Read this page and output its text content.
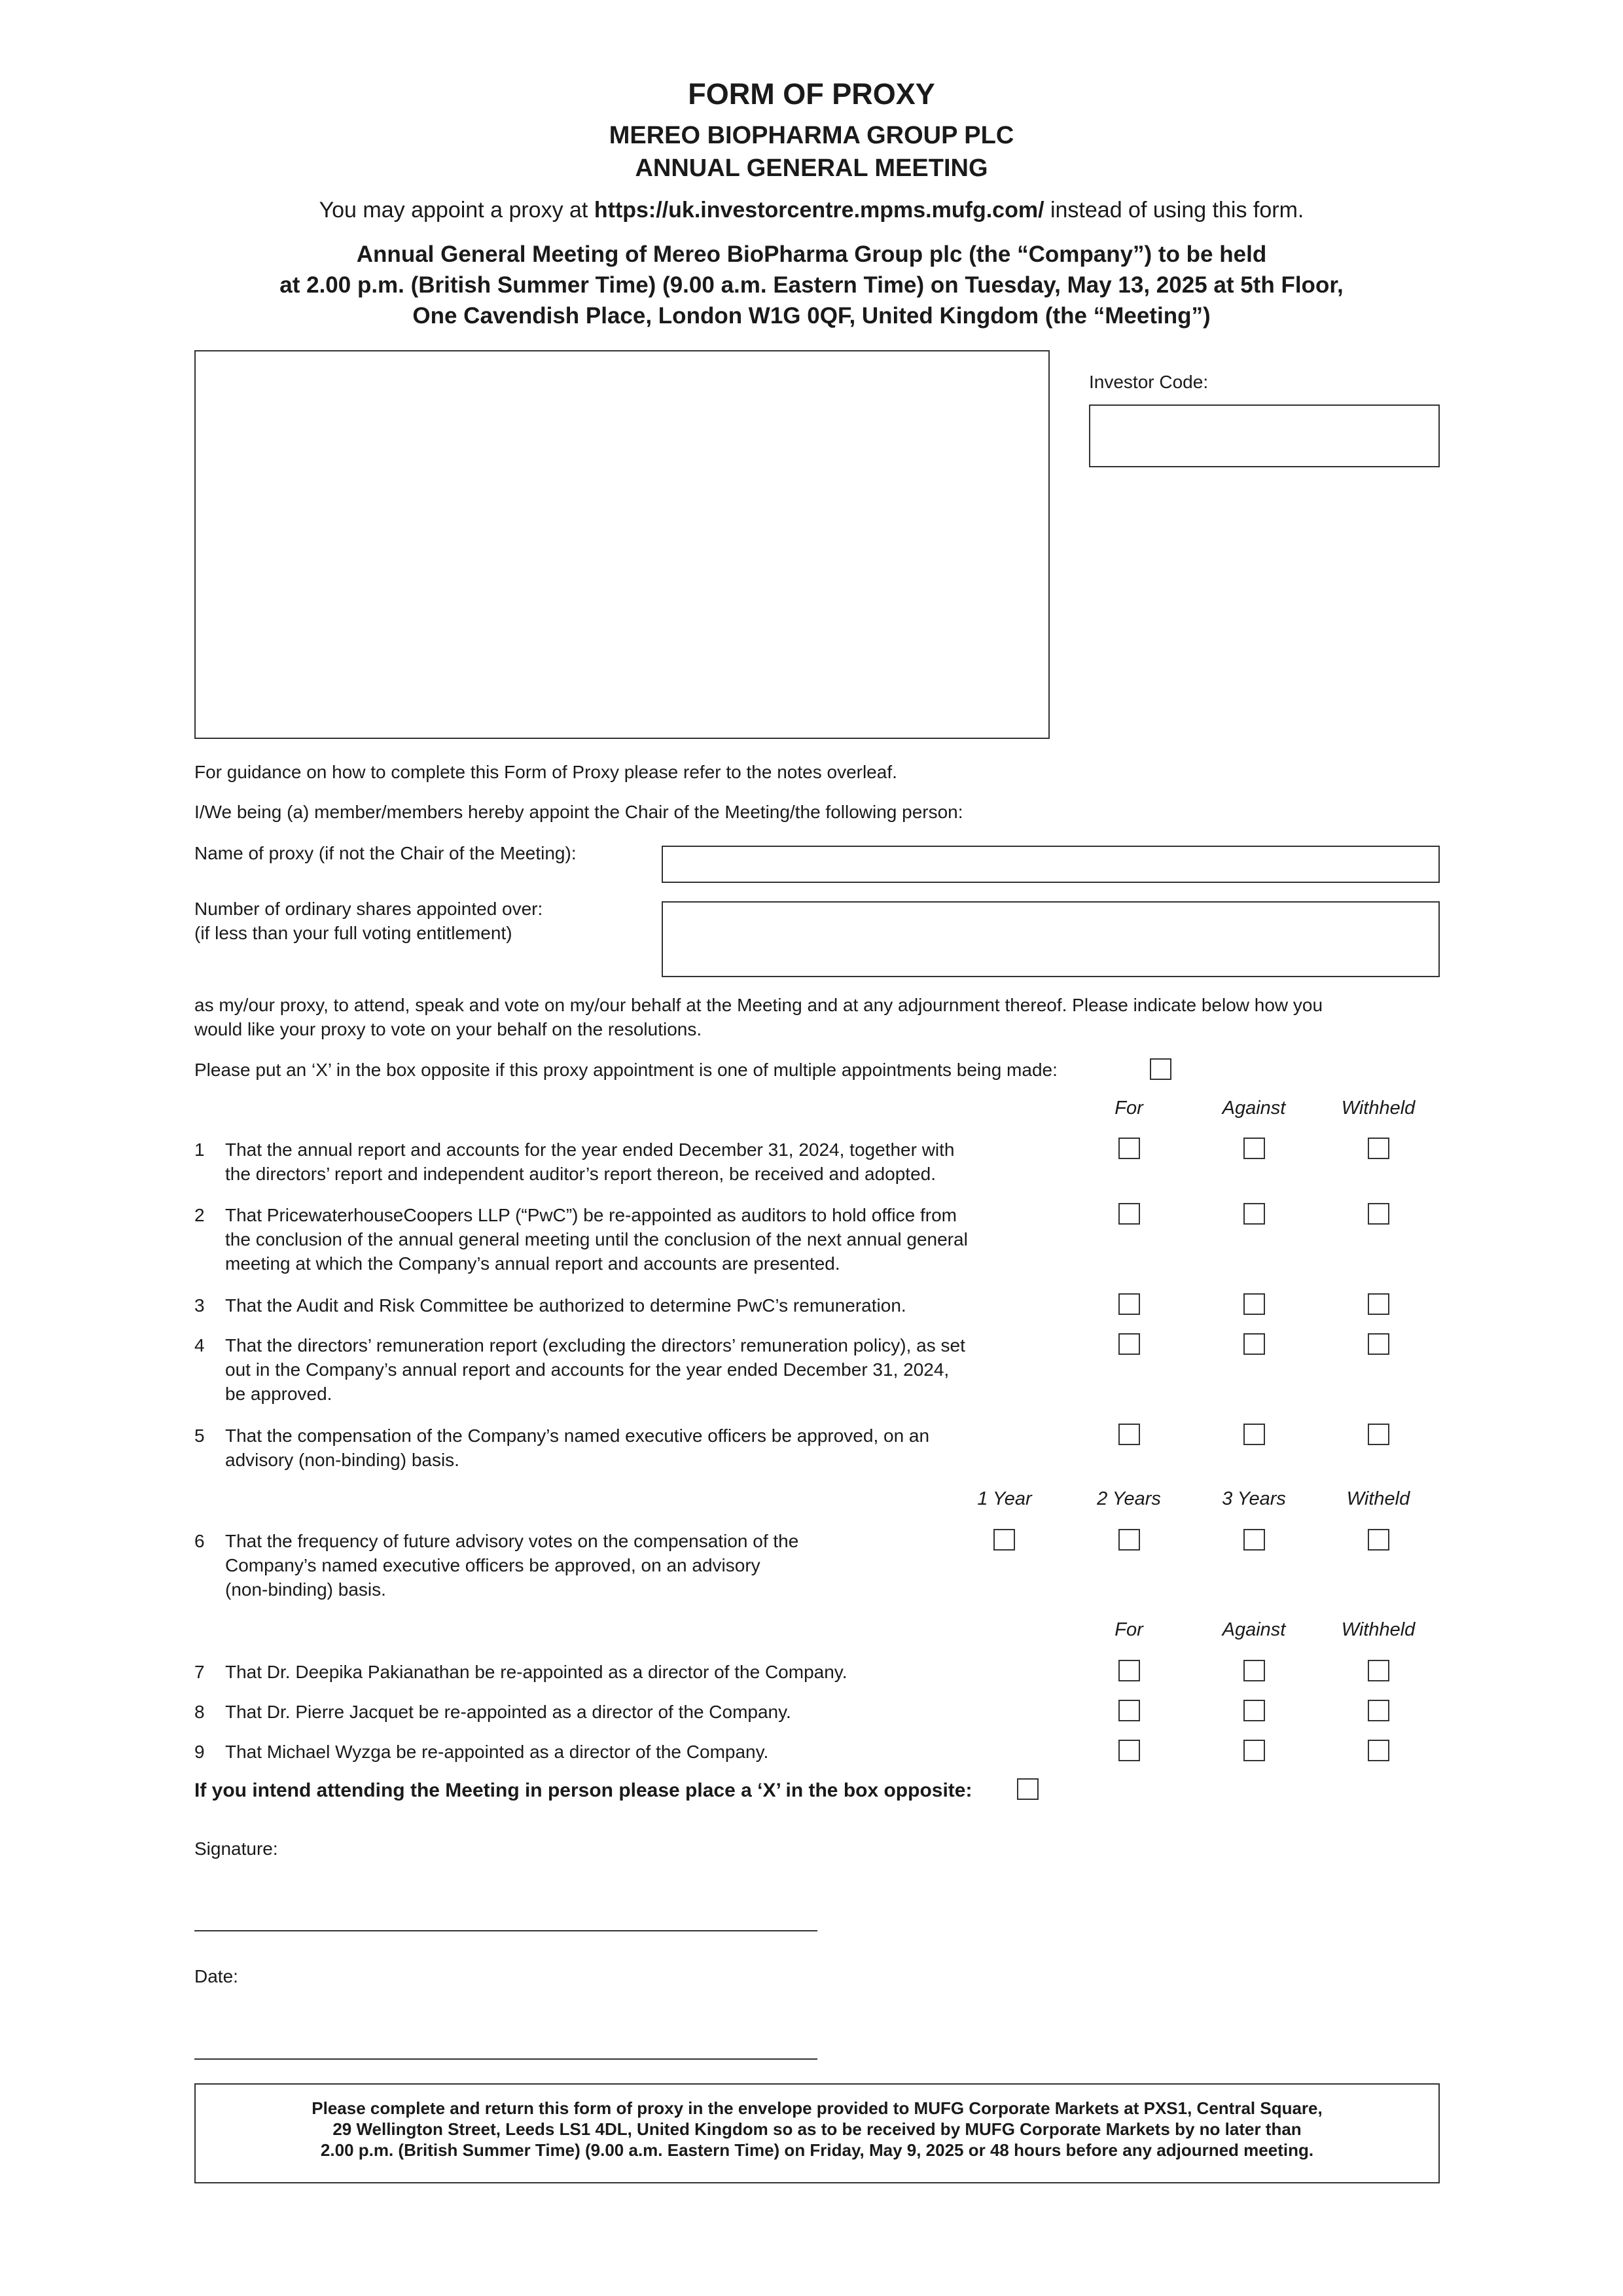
FORM OF PROXY
MEREO BIOPHARMA GROUP PLC
ANNUAL GENERAL MEETING
You may appoint a proxy at https://uk.investorcentre.mpms.mufg.com/ instead of using this form.
Annual General Meeting of Mereo BioPharma Group plc (the “Company”) to be held
at 2.00 p.m. (British Summer Time) (9.00 a.m. Eastern Time) on Tuesday, May 13, 2025 at 5th Floor,
One Cavendish Place, London W1G 0QF, United Kingdom (the “Meeting”)
Investor Code:
For guidance on how to complete this Form of Proxy please refer to the notes overleaf.
I/We being (a) member/members hereby appoint the Chair of the Meeting/the following person:
Name of proxy (if not the Chair of the Meeting):
Number of ordinary shares appointed over:
(if less than your full voting entitlement)
as my/our proxy, to attend, speak and vote on my/our behalf at the Meeting and at any adjournment thereof. Please indicate below how you
would like your proxy to vote on your behalf on the resolutions.
Please put an ‘X’ in the box opposite if this proxy appointment is one of multiple appointments being made:
For	Against	Withheld
1 That the annual report and accounts for the year ended December 31, 2024, together with
the directors’ report and independent auditor’s report thereon, be received and adopted.
2 That PricewaterhouseCoopers LLP (“PwC”) be re-appointed as auditors to hold office from
the conclusion of the annual general meeting until the conclusion of the next annual general
meeting at which the Company’s annual report and accounts are presented.
3 That the Audit and Risk Committee be authorized to determine PwC’s remuneration.
4 That the directors’ remuneration report (excluding the directors’ remuneration policy), as set
out in the Company’s annual report and accounts for the year ended December 31, 2024,
be approved.
5 That the compensation of the Company’s named executive officers be approved, on an
advisory (non-binding) basis.
1 Year	2 Years	3 Years	Witheld
6 That the frequency of future advisory votes on the compensation of the
Company’s named executive officers be approved, on an advisory
(non-binding) basis.
For	Against	Withheld
7 That Dr. Deepika Pakianathan be re-appointed as a director of the Company.
8 That Dr. Pierre Jacquet be re-appointed as a director of the Company.
9 That Michael Wyzga be re-appointed as a director of the Company.
If you intend attending the Meeting in person please place a ‘X’ in the box opposite:
Signature:
Date:
Please complete and return this form of proxy in the envelope provided to MUFG Corporate Markets at PXS1, Central Square,
29 Wellington Street, Leeds LS1 4DL, United Kingdom so as to be received by MUFG Corporate Markets by no later than
2.00 p.m. (British Summer Time) (9.00 a.m. Eastern Time) on Friday, May 9, 2025 or 48 hours before any adjourned meeting.
